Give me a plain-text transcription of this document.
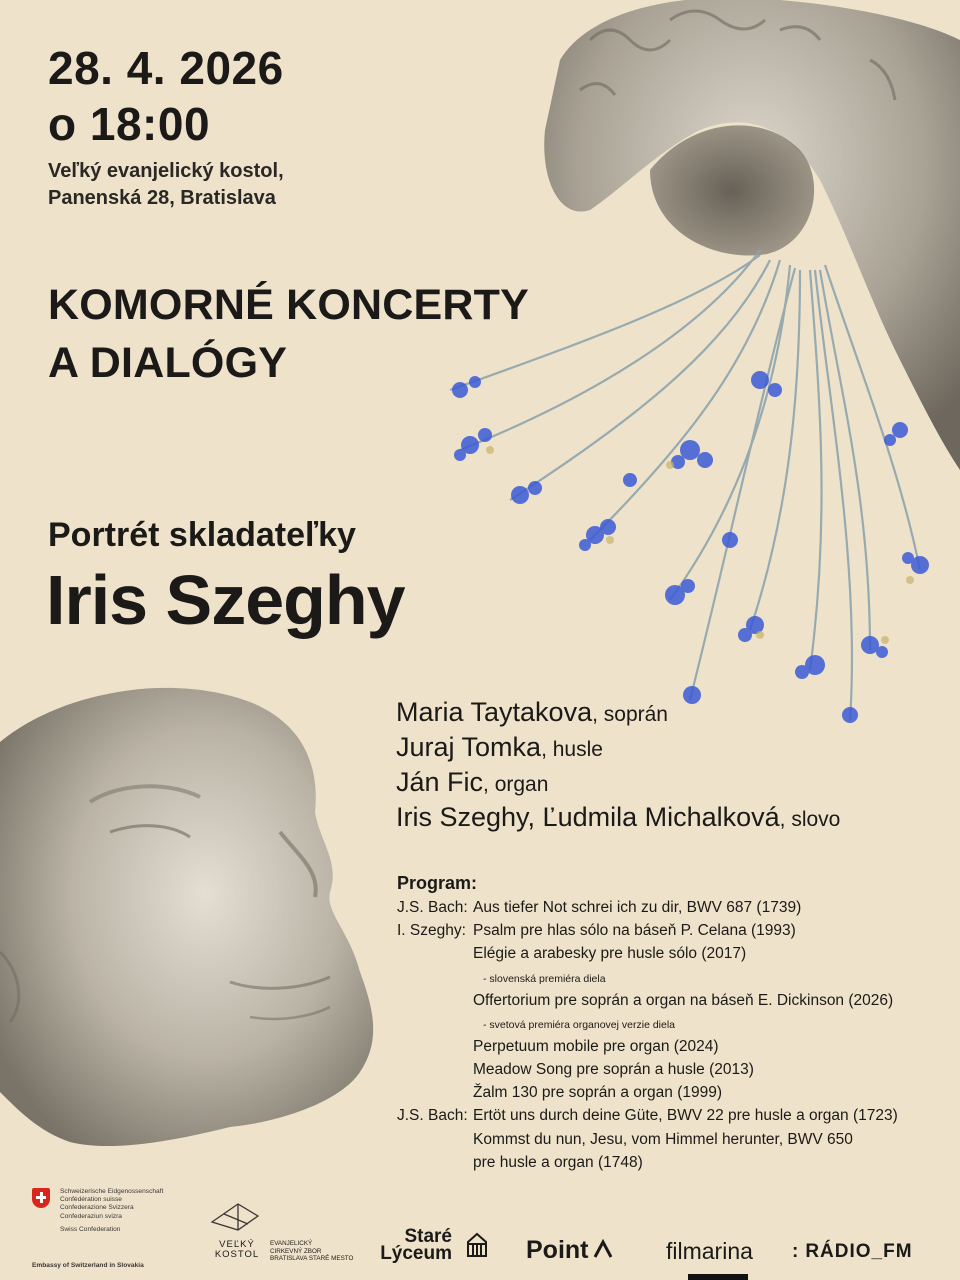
28. 4. 2026
o 18:00
Veľký evanjelický kostol,
Panenská 28, Bratislava
KOMORNÉ KONCERTY
A DIALÓGY
Portrét skladateľky
Iris Szeghy
Maria Taytakova, soprán
Juraj Tomka, husle
Ján Fic, organ
Iris Szeghy, Ľudmila Michalková, slovo
Program:
J.S. Bach: Aus tiefer Not schrei ich zu dir, BWV 687 (1739)
I. Szeghy: Psalm pre hlas sólo na báseň P. Celana (1993)
Elégie a arabesky pre husle sólo (2017)
- slovenská premiéra diela
Offertorium pre soprán a organ na báseň E. Dickinson (2026)
- svetová premiéra organovej verzie diela
Perpetuum mobile pre organ (2024)
Meadow Song pre soprán a husle (2013)
Žalm 130 pre soprán a organ (1999)
J.S. Bach: Ertöt uns durch deine Güte, BWV 22 pre husle a organ (1723)
Kommst du nun, Jesu, vom Himmel herunter, BWV 650
pre husle a organ (1748)
Schweizerische Eidgenossenschaft
Confédération suisse
Confederazione Svizzera
Confederaziun svizra
Swiss Confederation
Embassy of Switzerland in Slovakia
VEĽKÝ
KOSTOL
EVANJELICKÝ
CIRKEVNÝ ZBOR
BRATISLAVA STARÉ MESTO
Staré
Lýceum	Point	filmarina : RÁDIO_FM
